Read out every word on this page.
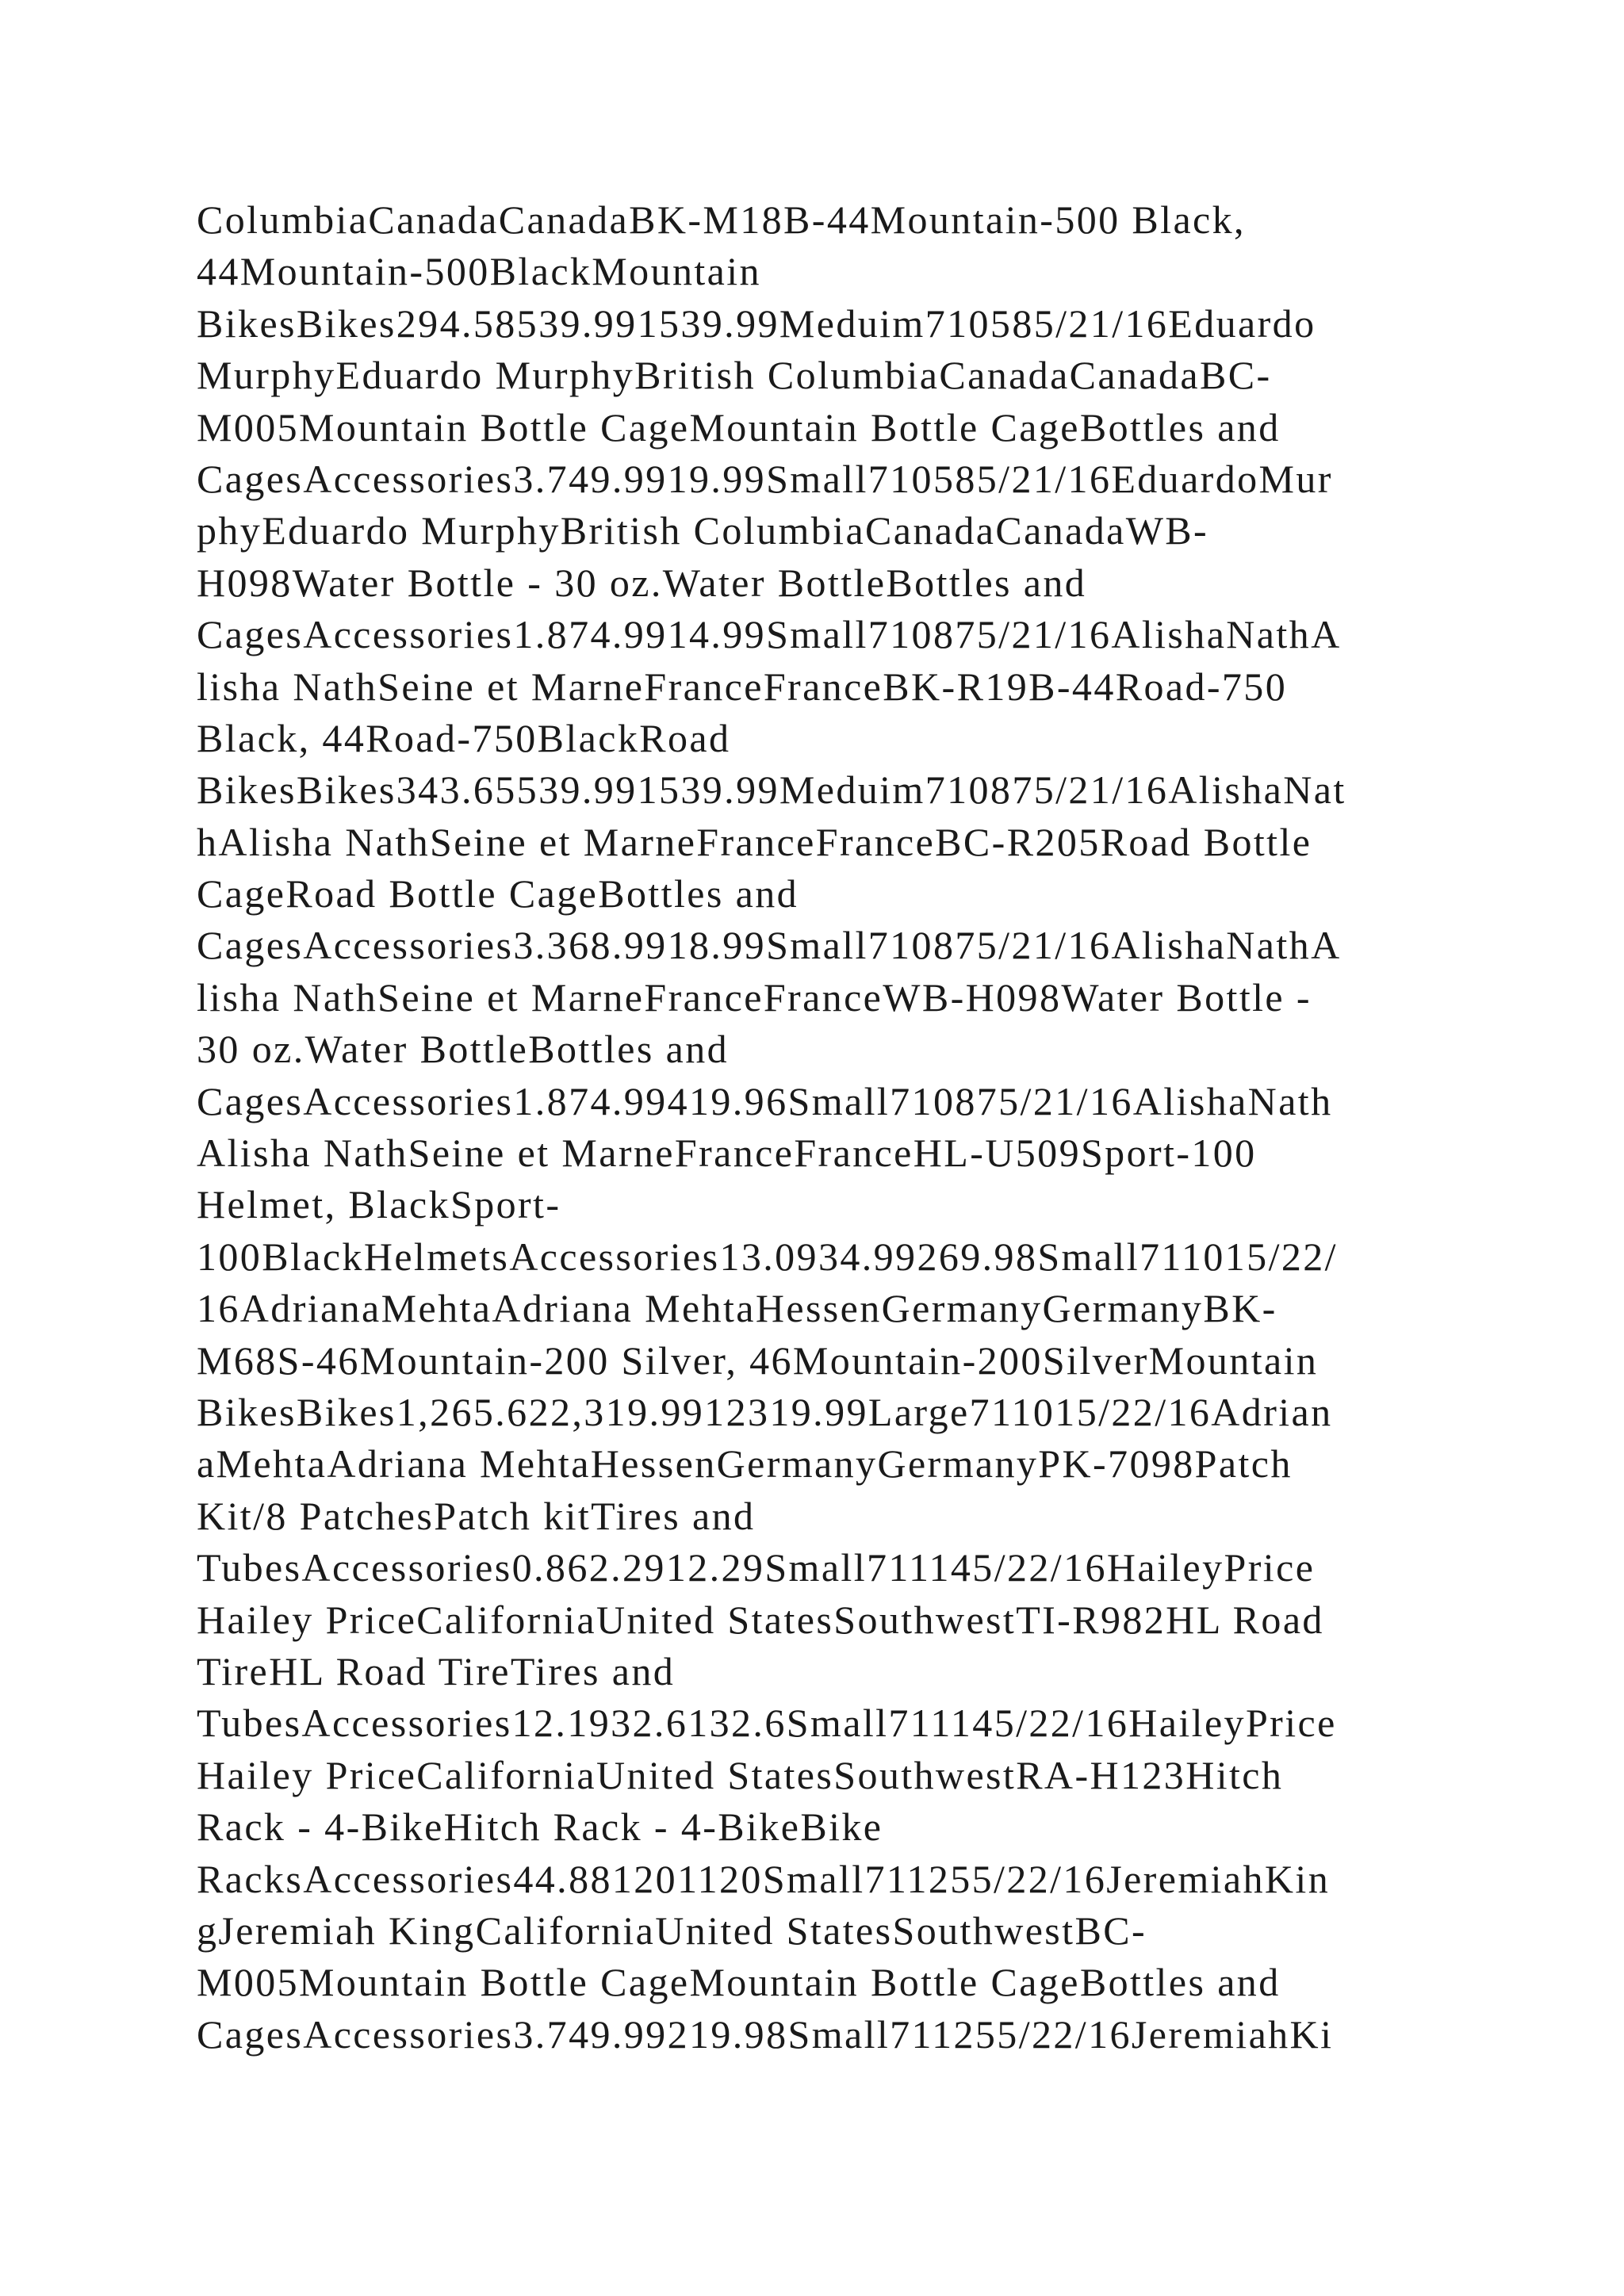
ColumbiaCanadaCanadaBK-M18B-44Mountain-500 Black,
44Mountain-500BlackMountain
BikesBikes294.58539.991539.99Meduim710585/21/16Eduardo
MurphyEduardo MurphyBritish ColumbiaCanadaCanadaBC-
M005Mountain Bottle CageMountain Bottle CageBottles and
CagesAccessories3.749.9919.99Small710585/21/16EduardoMur
phyEduardo MurphyBritish ColumbiaCanadaCanadaWB-
H098Water Bottle - 30 oz.Water BottleBottles and
CagesAccessories1.874.9914.99Small710875/21/16AlishaNathA
lisha NathSeine et MarneFranceFranceBK-R19B-44Road-750
Black, 44Road-750BlackRoad
BikesBikes343.65539.991539.99Meduim710875/21/16AlishaNat
hAlisha NathSeine et MarneFranceFranceBC-R205Road Bottle
CageRoad Bottle CageBottles and
CagesAccessories3.368.9918.99Small710875/21/16AlishaNathA
lisha NathSeine et MarneFranceFranceWB-H098Water Bottle -
30 oz.Water BottleBottles and
CagesAccessories1.874.99419.96Small710875/21/16AlishaNath
Alisha NathSeine et MarneFranceFranceHL-U509Sport-100
Helmet, BlackSport-
100BlackHelmetsAccessories13.0934.99269.98Small711015/22/
16AdrianaMehtaAdriana MehtaHessenGermanyGermanyBK-
M68S-46Mountain-200 Silver, 46Mountain-200SilverMountain
BikesBikes1,265.622,319.9912319.99Large711015/22/16Adrian
aMehtaAdriana MehtaHessenGermanyGermanyPK-7098Patch
Kit/8 PatchesPatch kitTires and
TubesAccessories0.862.2912.29Small711145/22/16HaileyPrice
Hailey PriceCaliforniaUnited StatesSouthwestTI-R982HL Road
TireHL Road TireTires and
TubesAccessories12.1932.6132.6Small711145/22/16HaileyPrice
Hailey PriceCaliforniaUnited StatesSouthwestRA-H123Hitch
Rack - 4-BikeHitch Rack - 4-BikeBike
RacksAccessories44.881201120Small711255/22/16JeremiahKin
gJeremiah KingCaliforniaUnited StatesSouthwestBC-
M005Mountain Bottle CageMountain Bottle CageBottles and
CagesAccessories3.749.99219.98Small711255/22/16JeremiahKi
